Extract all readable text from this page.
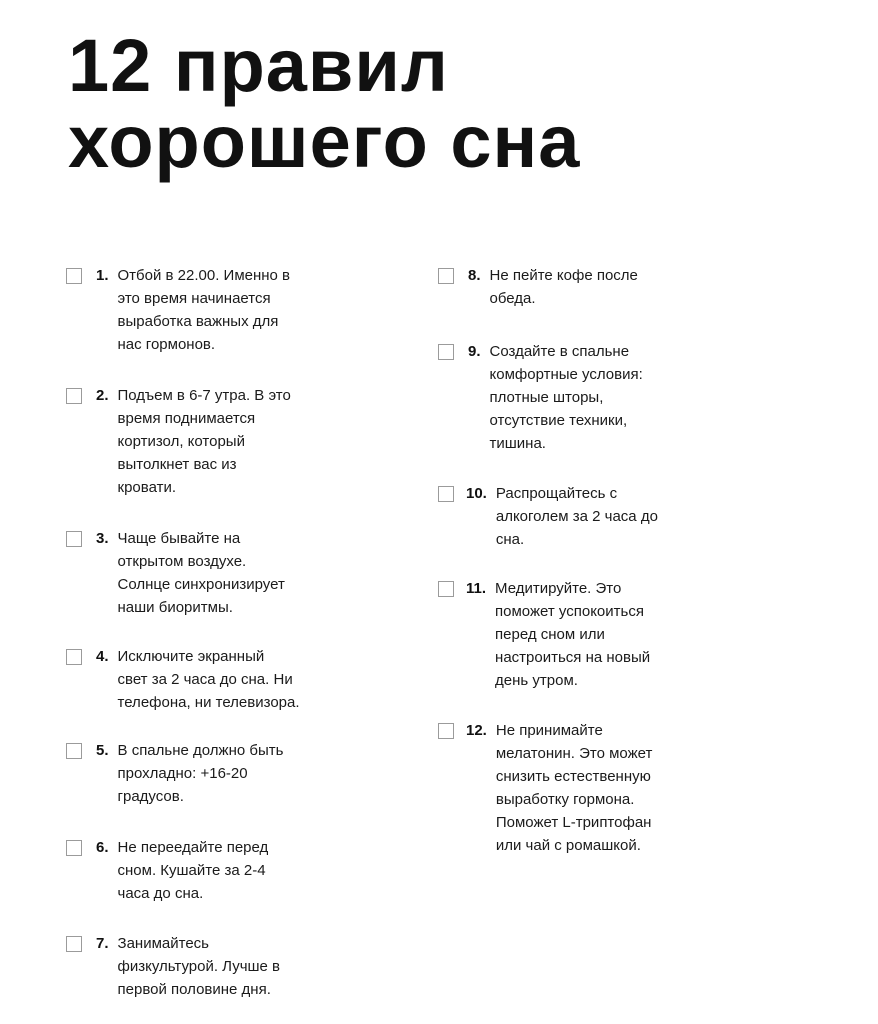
12 правил
хорошего сна
1. Отбой в 22.00. Именно в
это время начинается
выработка важных для
нас гормонов.
2. Подъем в 6-7 утра. В это
время поднимается
кортизол, который
вытолкнет вас из
кровати.
3. Чаще бывайте на
открытом воздухе.
Солнце синхронизирует
наши биоритмы.
4. Исключите экранный
свет за 2 часа до сна. Ни
телефона, ни телевизора.
5. В спальне должно быть
прохладно: +16-20
градусов.
6. Не переедайте перед
сном. Кушайте за 2-4
часа до сна.
7. Занимайтесь
физкультурой. Лучше в
первой половине дня.
8. Не пейте кофе после
обеда.
9. Создайте в спальне
комфортные условия:
плотные шторы,
отсутствие техники,
тишина.
10. Распрощайтесь с
алкоголем за 2 часа до
сна.
11. Медитируйте. Это
поможет успокоиться
перед сном или
настроиться на новый
день утром.
12. Не принимайте
мелатонин. Это может
снизить естественную
выработку гормона.
Поможет L-триптофан
или чай с ромашкой.
